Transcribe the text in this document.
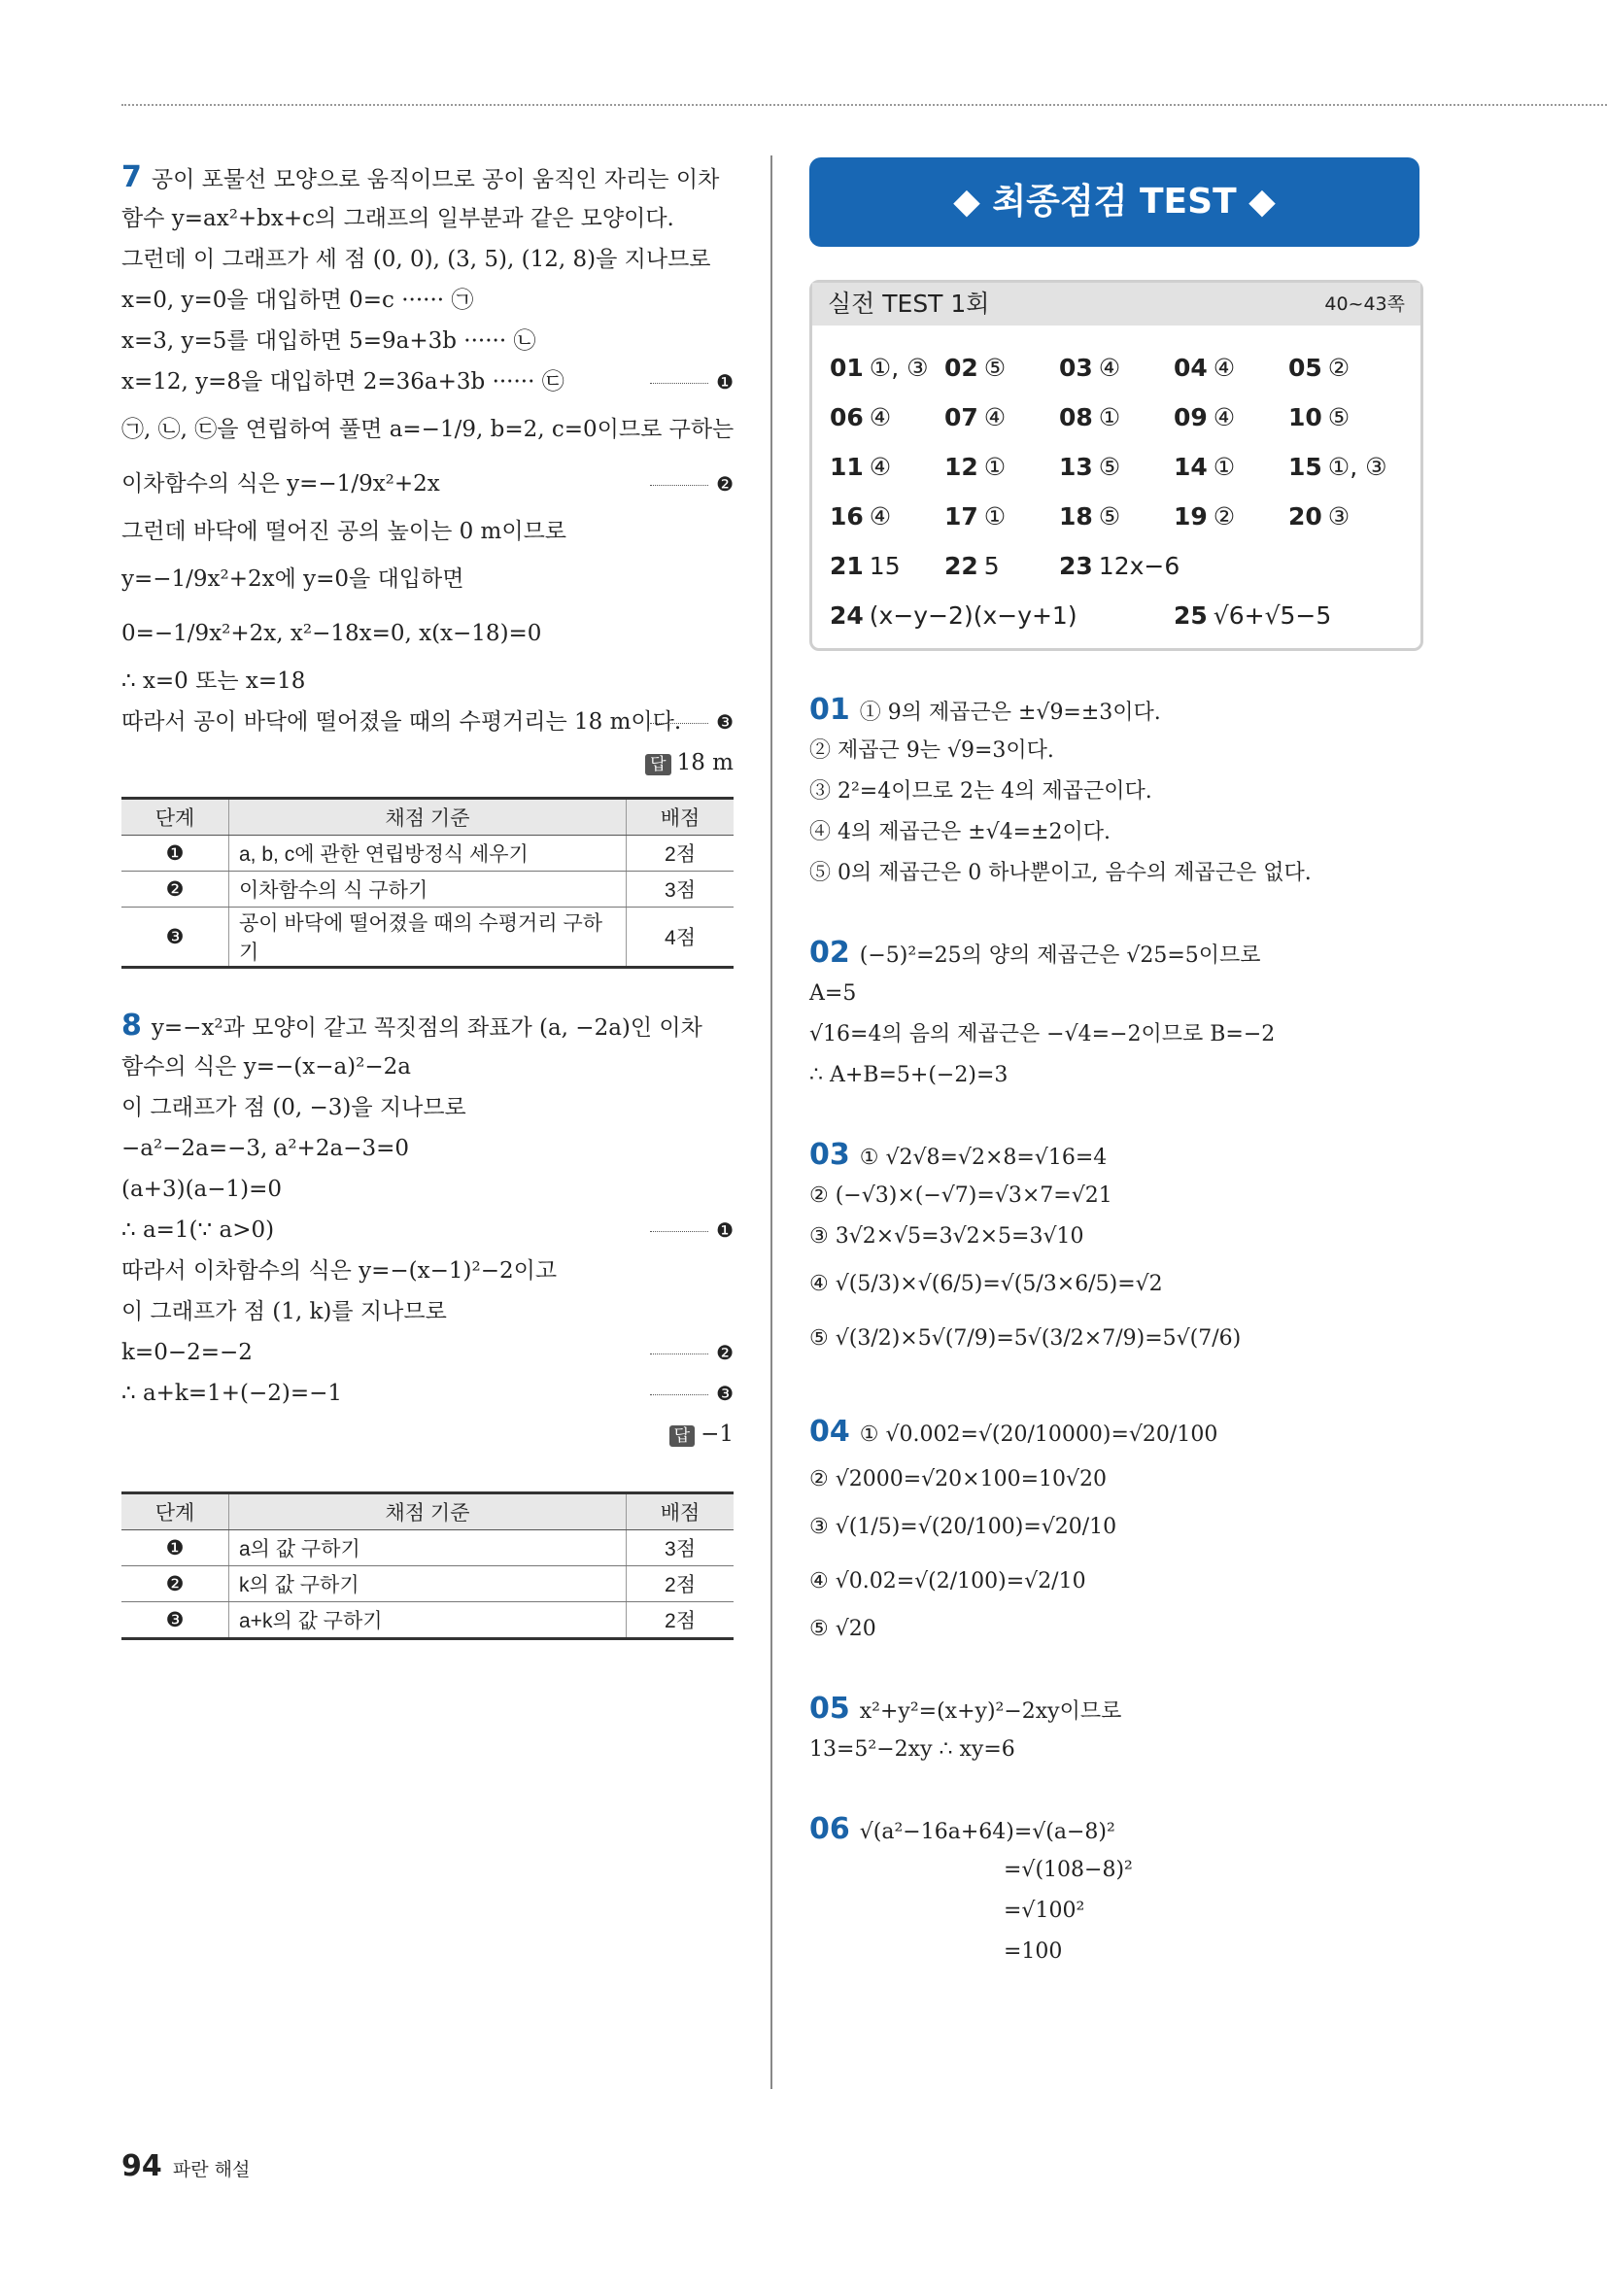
7 공이 포물선 모양으로 움직이므로 공이 움직인 자리는 이차
함수 y=ax²+bx+c의 그래프의 일부분과 같은 모양이다.
그런데 이 그래프가 세 점 (0, 0), (3, 5), (12, 8)을 지나므로
x=0, y=0을 대입하면 0=c ······ ㉠
x=3, y=5를 대입하면 5=9a+3b ······ ㉡
x=12, y=8을 대입하면 2=36a+3b ······ ㉢	❶
㉠, ㉡, ㉢을 연립하여 풀면 a=−1/9, b=2, c=0이므로 구하는
이차함수의 식은 y=−1/9x²+2x	❷
그런데 바닥에 떨어진 공의 높이는 0 m이므로
y=−1/9x²+2x에 y=0을 대입하면
0=−1/9x²+2x, x²−18x=0, x(x−18)=0
∴ x=0 또는 x=18
따라서 공이 바닥에 떨어졌을 때의 수평거리는 18 m이다.	❸
답 18 m
단계	채점 기준	배점
❶	a, b, c에 관한 연립방정식 세우기	2점
❷	이차함수의 식 구하기	3점
❸	공이 바닥에 떨어졌을 때의 수평거리 구하기	4점
8 y=−x²과 모양이 같고 꼭짓점의 좌표가 (a, −2a)인 이차
함수의 식은 y=−(x−a)²−2a
이 그래프가 점 (0, −3)을 지나므로
−a²−2a=−3, a²+2a−3=0
(a+3)(a−1)=0
∴ a=1(∵ a>0)	❶
따라서 이차함수의 식은 y=−(x−1)²−2이고
이 그래프가 점 (1, k)를 지나므로
k=0−2=−2	❷
∴ a+k=1+(−2)=−1	❸
답 −1
단계	채점 기준	배점
❶	a의 값 구하기	3점
❷	k의 값 구하기	2점
❸	a+k의 값 구하기	2점
◆ 최종점검 TEST ◆
실전 TEST 1회	40~43쪽
01 ①, ③ 02 ⑤	03 ④	04 ④	05 ②
06 ④	07 ④	08 ①	09 ④	10 ⑤
11 ④	12 ①	13 ⑤	14 ①	15 ①, ③
16 ④	17 ①	18 ⑤	19 ②	20 ③
21 15	22 5	23 12x−6
24 (x−y−2)(x−y+1)	25 √6+√5−5
01 ① 9의 제곱근은 ±√9=±3이다.
② 제곱근 9는 √9=3이다.
③ 2²=4이므로 2는 4의 제곱근이다.
④ 4의 제곱근은 ±√4=±2이다.
⑤ 0의 제곱근은 0 하나뿐이고, 음수의 제곱근은 없다.
02 (−5)²=25의 양의 제곱근은 √25=5이므로
A=5
√16=4의 음의 제곱근은 −√4=−2이므로 B=−2
∴ A+B=5+(−2)=3
03 ① √2√8=√2×8=√16=4
② (−√3)×(−√7)=√3×7=√21
③ 3√2×√5=3√2×5=3√10
④ √(5/3)×√(6/5)=√(5/3×6/5)=√2
⑤ √(3/2)×5√(7/9)=5√(3/2×7/9)=5√(7/6)
04 ① √0.002=√(20/10000)=√20/100
② √2000=√20×100=10√20
③ √(1/5)=√(20/100)=√20/10
④ √0.02=√(2/100)=√2/10
⑤ √20
05 x²+y²=(x+y)²−2xy이므로
13=5²−2xy ∴ xy=6
06 √(a²−16a+64)=√(a−8)²
=√(108−8)²
=√100²
=100
94 파란 해설
